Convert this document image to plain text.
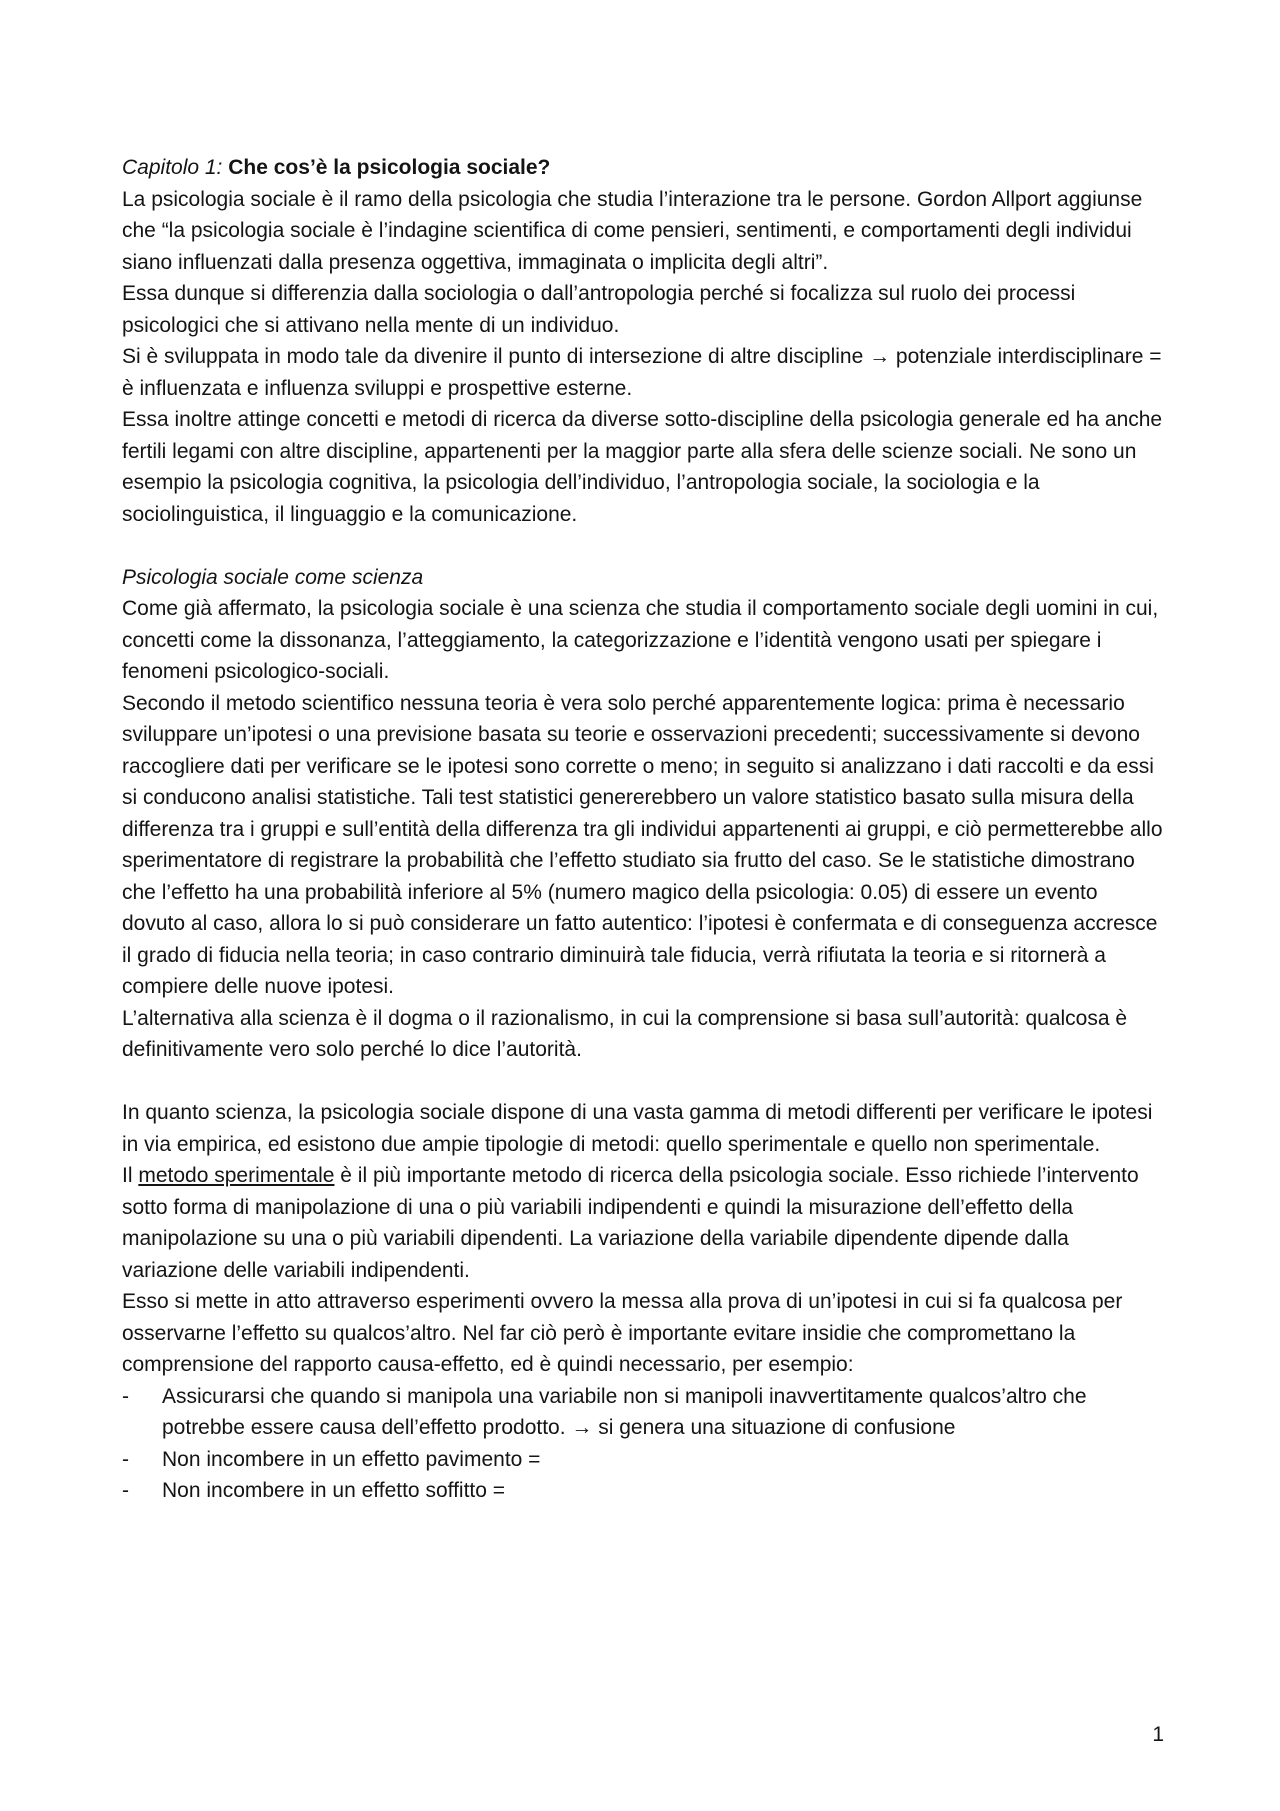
Capitolo 1: Che cos’è la psicologia sociale?

La psicologia sociale è il ramo della psicologia che studia l’interazione tra le persone. Gordon Allport aggiunse che “la psicologia sociale è l’indagine scientifica di come pensieri, sentimenti, e comportamenti degli individui siano influenzati dalla presenza oggettiva, immaginata o implicita degli altri”.

Essa dunque si differenzia dalla sociologia o dall’antropologia perché si focalizza sul ruolo dei processi psicologici che si attivano nella mente di un individuo.

Si è sviluppata in modo tale da divenire il punto di intersezione di altre discipline → potenziale interdisciplinare = è influenzata e influenza sviluppi e prospettive esterne.

Essa inoltre attinge concetti e metodi di ricerca da diverse sotto-discipline della psicologia generale ed ha anche fertili legami con altre discipline, appartenenti per la maggior parte alla sfera delle scienze sociali. Ne sono un esempio la psicologia cognitiva, la psicologia dell’individuo, l’antropologia sociale, la sociologia e la sociolinguistica, il linguaggio e la comunicazione.

Psicologia sociale come scienza

Come già affermato, la psicologia sociale è una scienza che studia il comportamento sociale degli uomini in cui, concetti come la dissonanza, l’atteggiamento, la categorizzazione e l’identità vengono usati per spiegare i fenomeni psicologico-sociali.

Secondo il metodo scientifico nessuna teoria è vera solo perché apparentemente logica: prima è necessario sviluppare un’ipotesi o una previsione basata su teorie e osservazioni precedenti; successivamente si devono raccogliere dati per verificare se le ipotesi sono corrette o meno; in seguito si analizzano i dati raccolti e da essi si conducono analisi statistiche. Tali test statistici genererebbero un valore statistico basato sulla misura della differenza tra i gruppi e sull’entità della differenza tra gli individui appartenenti ai gruppi, e ciò permetterebbe allo sperimentatore di registrare la probabilità che l’effetto studiato sia frutto del caso. Se le statistiche dimostrano che l’effetto ha una probabilità inferiore al 5% (numero magico della psicologia: 0.05) di essere un evento dovuto al caso, allora lo si può considerare un fatto autentico: l’ipotesi è confermata e di conseguenza accresce il grado di fiducia nella teoria; in caso contrario diminuirà tale fiducia, verrà rifiutata la teoria e si ritornerà a compiere delle nuove ipotesi.

L’alternativa alla scienza è il dogma o il razionalismo, in cui la comprensione si basa sull’autorità: qualcosa è definitivamente vero solo perché lo dice l’autorità.

In quanto scienza, la psicologia sociale dispone di una vasta gamma di metodi differenti per verificare le ipotesi in via empirica, ed esistono due ampie tipologie di metodi: quello sperimentale e quello non sperimentale.

Il metodo sperimentale è il più importante metodo di ricerca della psicologia sociale. Esso richiede l’intervento sotto forma di manipolazione di una o più variabili indipendenti e quindi la misurazione dell’effetto della manipolazione su una o più variabili dipendenti. La variazione della variabile dipendente dipende dalla variazione delle variabili indipendenti.

Esso si mette in atto attraverso esperimenti ovvero la messa alla prova di un’ipotesi in cui si fa qualcosa per osservarne l’effetto su qualcos’altro. Nel far ciò però è importante evitare insidie che compromettano la comprensione del rapporto causa-effetto, ed è quindi necessario, per esempio:

- Assicurarsi che quando si manipola una variabile non si manipoli inavvertitamente qualcos’altro che potrebbe essere causa dell’effetto prodotto. → si genera una situazione di confusione
- Non incombere in un effetto pavimento =
- Non incombere in un effetto soffitto =
1
